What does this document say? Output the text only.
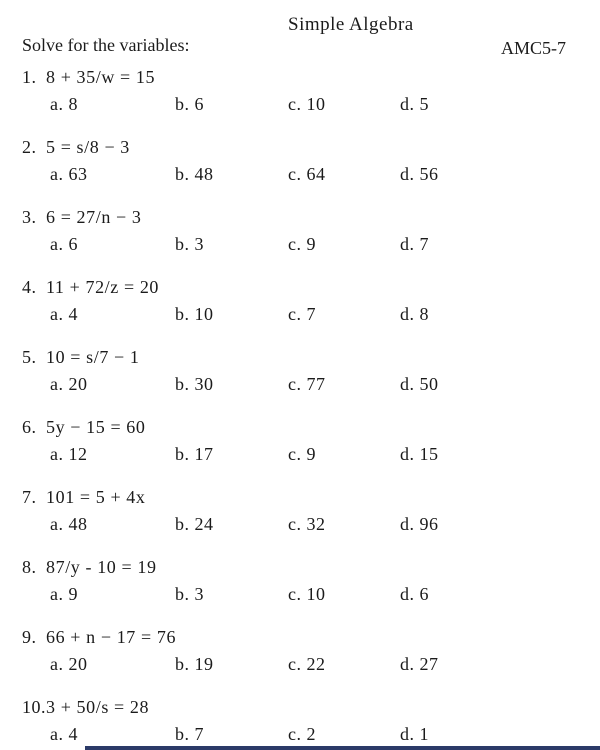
Simple Algebra
Solve for the variables:	AMC5-7
1. 8 + 35/w = 15
a. 8	b. 6	c. 10	d. 5
2. 5 = s/8 − 3
a. 63	b. 48	c. 64	d. 56
3. 6 = 27/n − 3
a. 6	b. 3	c. 9	d. 7
4. 11 + 72/z = 20
a. 4	b. 10	c. 7	d. 8
5. 10 = s/7 − 1
a. 20	b. 30	c. 77	d. 50
6. 5y − 15 = 60
a. 12	b. 17	c. 9	d. 15
7. 101 = 5 + 4x
a. 48	b. 24	c. 32	d. 96
8. 87/y - 10 = 19
a. 9	b. 3	c. 10	d. 6
9. 66 + n − 17 = 76
a. 20	b. 19	c. 22	d. 27
10.3 + 50/s = 28
a. 4	b. 7	c. 2	d. 1
